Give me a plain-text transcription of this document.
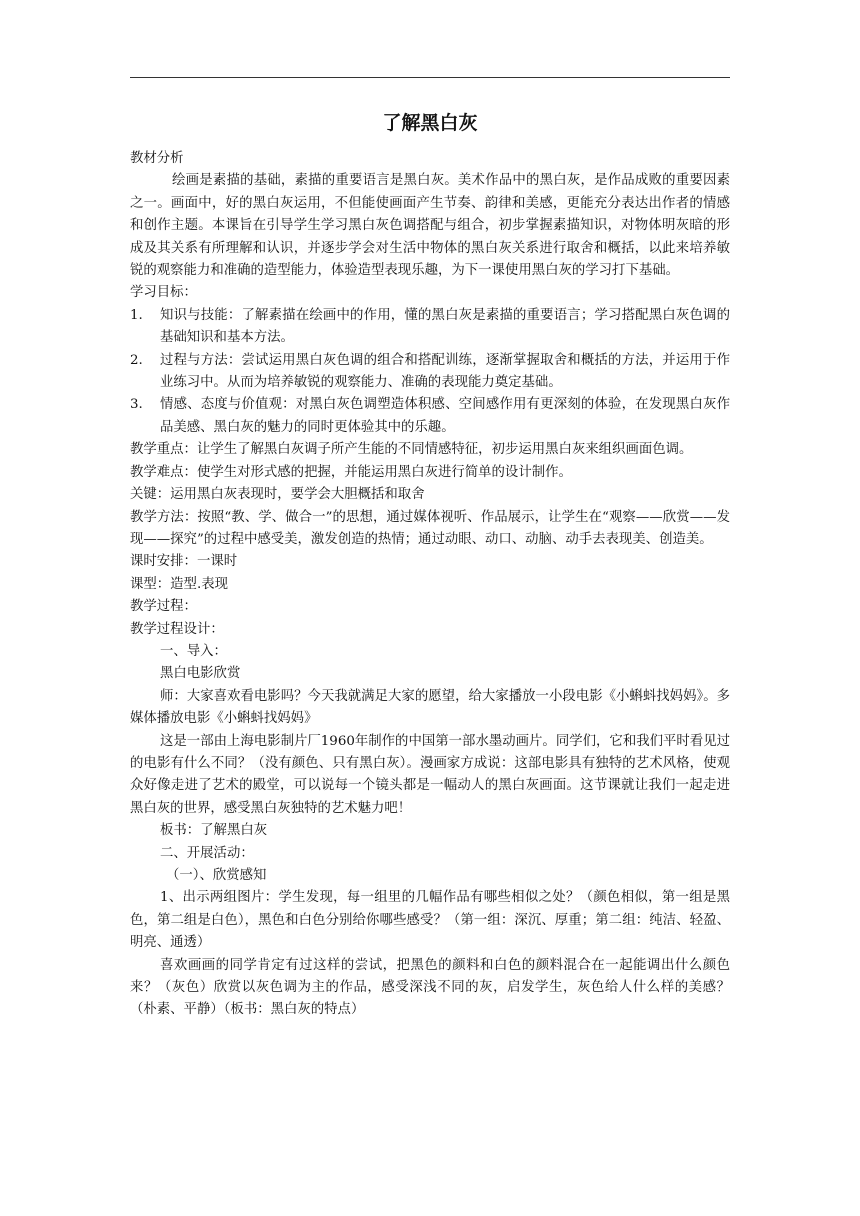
了解黑白灰

教材分析

绘画是素描的基础，素描的重要语言是黑白灰。美术作品中的黑白灰，是作品成败的重要因素之一。画面中，好的黑白灰运用，不但能使画面产生节奏、韵律和美感，更能充分表达出作者的情感和创作主题。本课旨在引导学生学习黑白灰色调搭配与组合，初步掌握素描知识，对物体明灰暗的形成及其关系有所理解和认识，并逐步学会对生活中物体的黑白灰关系进行取舍和概括，以此来培养敏锐的观察能力和准确的造型能力，体验造型表现乐趣，为下一课使用黑白灰的学习打下基础。

学习目标：

1.	知识与技能：了解素描在绘画中的作用，懂的黑白灰是素描的重要语言；学习搭配黑白灰色调的基础知识和基本方法。
2.	过程与方法：尝试运用黑白灰色调的组合和搭配训练，逐渐掌握取舍和概括的方法，并运用于作业练习中。从而为培养敏锐的观察能力、准确的表现能力奠定基础。
3.	情感、态度与价值观：对黑白灰色调塑造体积感、空间感作用有更深刻的体验，在发现黑白灰作品美感、黑白灰的魅力的同时更体验其中的乐趣。

教学重点：让学生了解黑白灰调子所产生能的不同情感特征，初步运用黑白灰来组织画面色调。

教学难点：使学生对形式感的把握，并能运用黑白灰进行简单的设计制作。

关键：运用黑白灰表现时，要学会大胆概括和取舍

教学方法：按照“教、学、做合一”的思想，通过媒体视听、作品展示，让学生在“观察——欣赏——发现——探究”的过程中感受美，激发创造的热情；通过动眼、动口、动脑、动手去表现美、创造美。

课时安排：一课时

课型：造型.表现

教学过程：

教学过程设计：

一、导入：

黑白电影欣赏

师：大家喜欢看电影吗？今天我就满足大家的愿望，给大家播放一小段电影《小蝌蚪找妈妈》。多媒体播放电影《小蝌蚪找妈妈》

这是一部由上海电影制片厂1960年制作的中国第一部水墨动画片。同学们，它和我们平时看见过的电影有什么不同？（没有颜色、只有黑白灰）。漫画家方成说：这部电影具有独特的艺术风格，使观众好像走进了艺术的殿堂，可以说每一个镜头都是一幅动人的黑白灰画面。这节课就让我们一起走进黑白灰的世界，感受黑白灰独特的艺术魅力吧！

板书：了解黑白灰

二、开展活动：

（一）、欣赏感知

1、出示两组图片：学生发现，每一组里的几幅作品有哪些相似之处？（颜色相似，第一组是黑色，第二组是白色），黑色和白色分别给你哪些感受？（第一组：深沉、厚重；第二组：纯洁、轻盈、明亮、通透）

喜欢画画的同学肯定有过这样的尝试，把黑色的颜料和白色的颜料混合在一起能调出什么颜色来？（灰色）欣赏以灰色调为主的作品，感受深浅不同的灰，启发学生，灰色给人什么样的美感？（朴素、平静）（板书：黑白灰的特点）
